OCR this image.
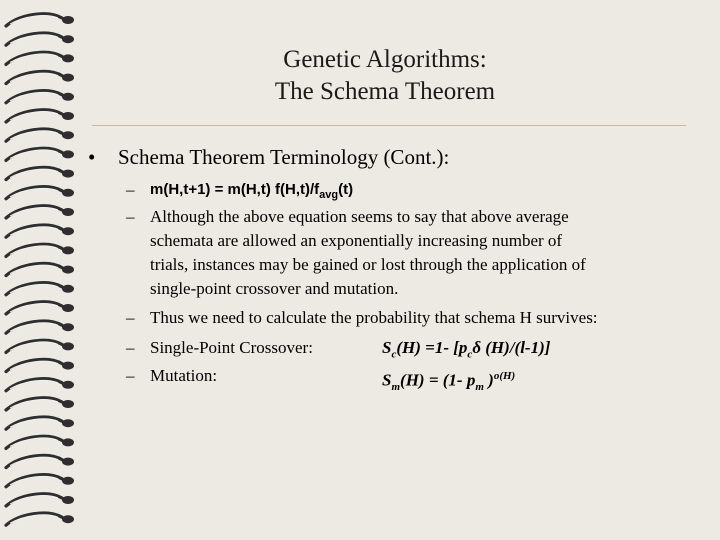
Genetic Algorithms:
The Schema Theorem
• Schema Theorem Terminology (Cont.):
–	m(H,t+1) = m(H,t) $f(H,t)/f_{avg}(t)$
– Although the above equation seems to say that above average
schemata are allowed an exponentially increasing number of
trials, instances may be gained or lost through the application of
single-point crossover and mutation.
– Thus we need to calculate the probability that schema H survives:
– Single-Point Crossover:	$S_c(H) =1-$ [$p_c\delta$ (H)/(l-1)]
– Mutation:	$S_m(H) = (1-$ $p_m$ )$^{o(H)}$
